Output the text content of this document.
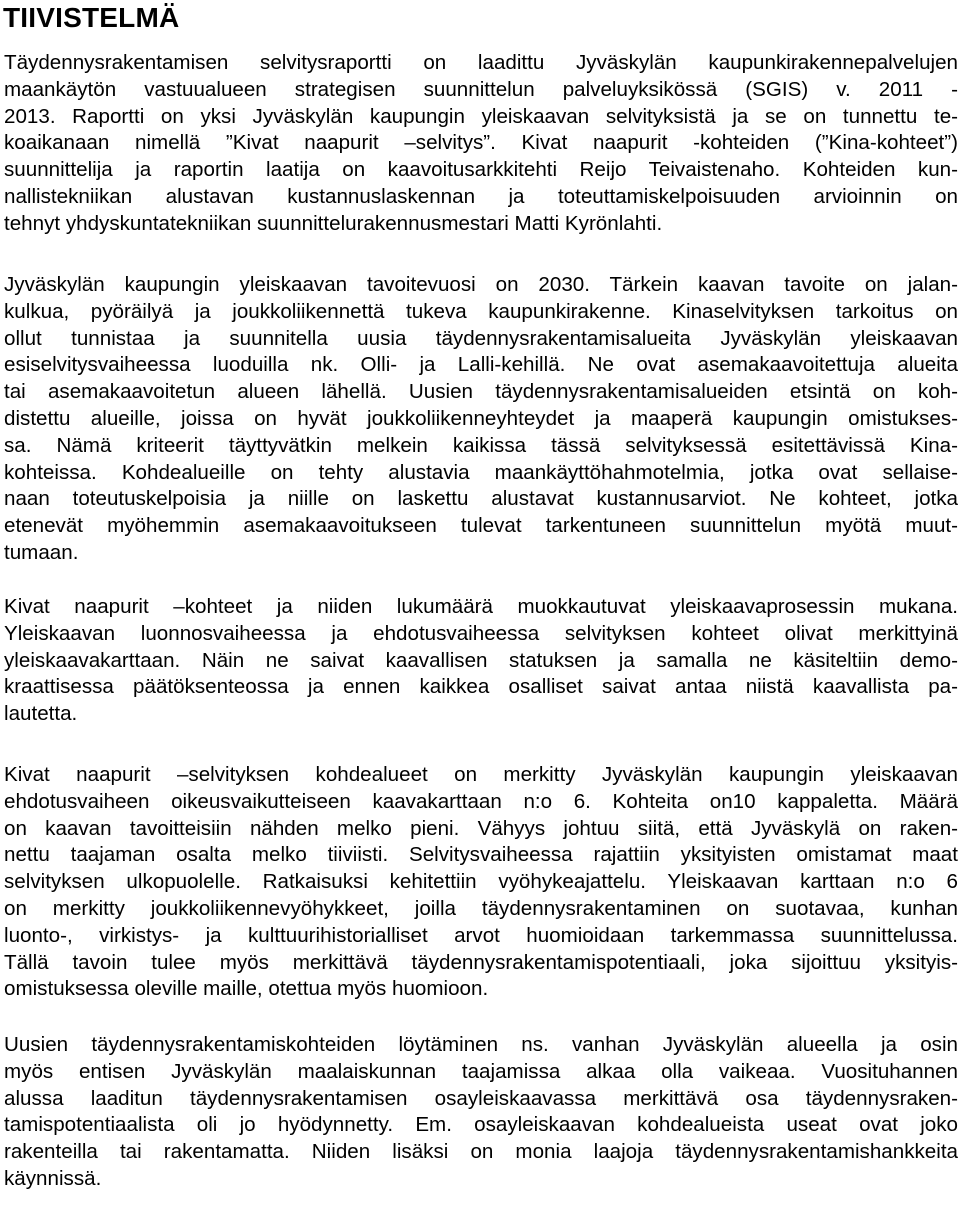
TIIVISTELMÄ
Täydennysrakentamisen selvitysraportti on laadittu Jyväskylän kaupunkirakennepalvelujen
maankäytön vastuualueen strategisen suunnittelun palveluyksikössä (SGIS) v. 2011 -
2013. Raportti on yksi Jyväskylän kaupungin yleiskaavan selvityksistä ja se on tunnettu te-
koaikanaan nimellä ”Kivat naapurit –selvitys”. Kivat naapurit -kohteiden (”Kina-kohteet”)
suunnittelija ja raportin laatija on kaavoitusarkkitehti Reijo Teivaistenaho. Kohteiden kun-
nallistekniikan alustavan kustannuslaskennan ja toteuttamiskelpoisuuden arvioinnin on
tehnyt yhdyskuntatekniikan suunnittelurakennusmestari Matti Kyrönlahti.
Jyväskylän kaupungin yleiskaavan tavoitevuosi on 2030. Tärkein kaavan tavoite on jalan-
kulkua, pyöräilyä ja joukkoliikennettä tukeva kaupunkirakenne. Kinaselvityksen tarkoitus on
ollut tunnistaa ja suunnitella uusia täydennysrakentamisalueita Jyväskylän yleiskaavan
esiselvitysvaiheessa luoduilla nk. Olli- ja Lalli-kehillä. Ne ovat asemakaavoitettuja alueita
tai asemakaavoitetun alueen lähellä. Uusien täydennysrakentamisalueiden etsintä on koh-
distettu alueille, joissa on hyvät joukkoliikenneyhteydet ja maaperä kaupungin omistukses-
sa. Nämä kriteerit täyttyvätkin melkein kaikissa tässä selvityksessä esitettävissä Kina-
kohteissa. Kohdealueille on tehty alustavia maankäyttöhahmotelmia, jotka ovat sellaise-
naan toteutuskelpoisia ja niille on laskettu alustavat kustannusarviot. Ne kohteet, jotka
etenevät myöhemmin asemakaavoitukseen tulevat tarkentuneen suunnittelun myötä muut-
tumaan.
Kivat naapurit –kohteet ja niiden lukumäärä muokkautuvat yleiskaavaprosessin mukana.
Yleiskaavan luonnosvaiheessa ja ehdotusvaiheessa selvityksen kohteet olivat merkittyinä
yleiskaavakarttaan. Näin ne saivat kaavallisen statuksen ja samalla ne käsiteltiin demo-
kraattisessa päätöksenteossa ja ennen kaikkea osalliset saivat antaa niistä kaavallista pa-
lautetta.
Kivat naapurit –selvityksen kohdealueet on merkitty Jyväskylän kaupungin yleiskaavan
ehdotusvaiheen oikeusvaikutteiseen kaavakarttaan n:o 6. Kohteita on10 kappaletta. Määrä
on kaavan tavoitteisiin nähden melko pieni. Vähyys johtuu siitä, että Jyväskylä on raken-
nettu taajaman osalta melko tiiviisti. Selvitysvaiheessa rajattiin yksityisten omistamat maat
selvityksen ulkopuolelle. Ratkaisuksi kehitettiin vyöhykeajattelu. Yleiskaavan karttaan n:o 6
on merkitty joukkoliikennevyöhykkeet, joilla täydennysrakentaminen on suotavaa, kunhan
luonto-, virkistys- ja kulttuurihistorialliset arvot huomioidaan tarkemmassa suunnittelussa.
Tällä tavoin tulee myös merkittävä täydennysrakentamispotentiaali, joka sijoittuu yksityis-
omistuksessa oleville maille, otettua myös huomioon.
Uusien täydennysrakentamiskohteiden löytäminen ns. vanhan Jyväskylän alueella ja osin
myös entisen Jyväskylän maalaiskunnan taajamissa alkaa olla vaikeaa. Vuosituhannen
alussa laaditun täydennysrakentamisen osayleiskaavassa merkittävä osa täydennysraken-
tamispotentiaalista oli jo hyödynnetty. Em. osayleiskaavan kohdealueista useat ovat joko
rakenteilla tai rakentamatta. Niiden lisäksi on monia laajoja täydennysrakentamishankkeita
käynnissä.
